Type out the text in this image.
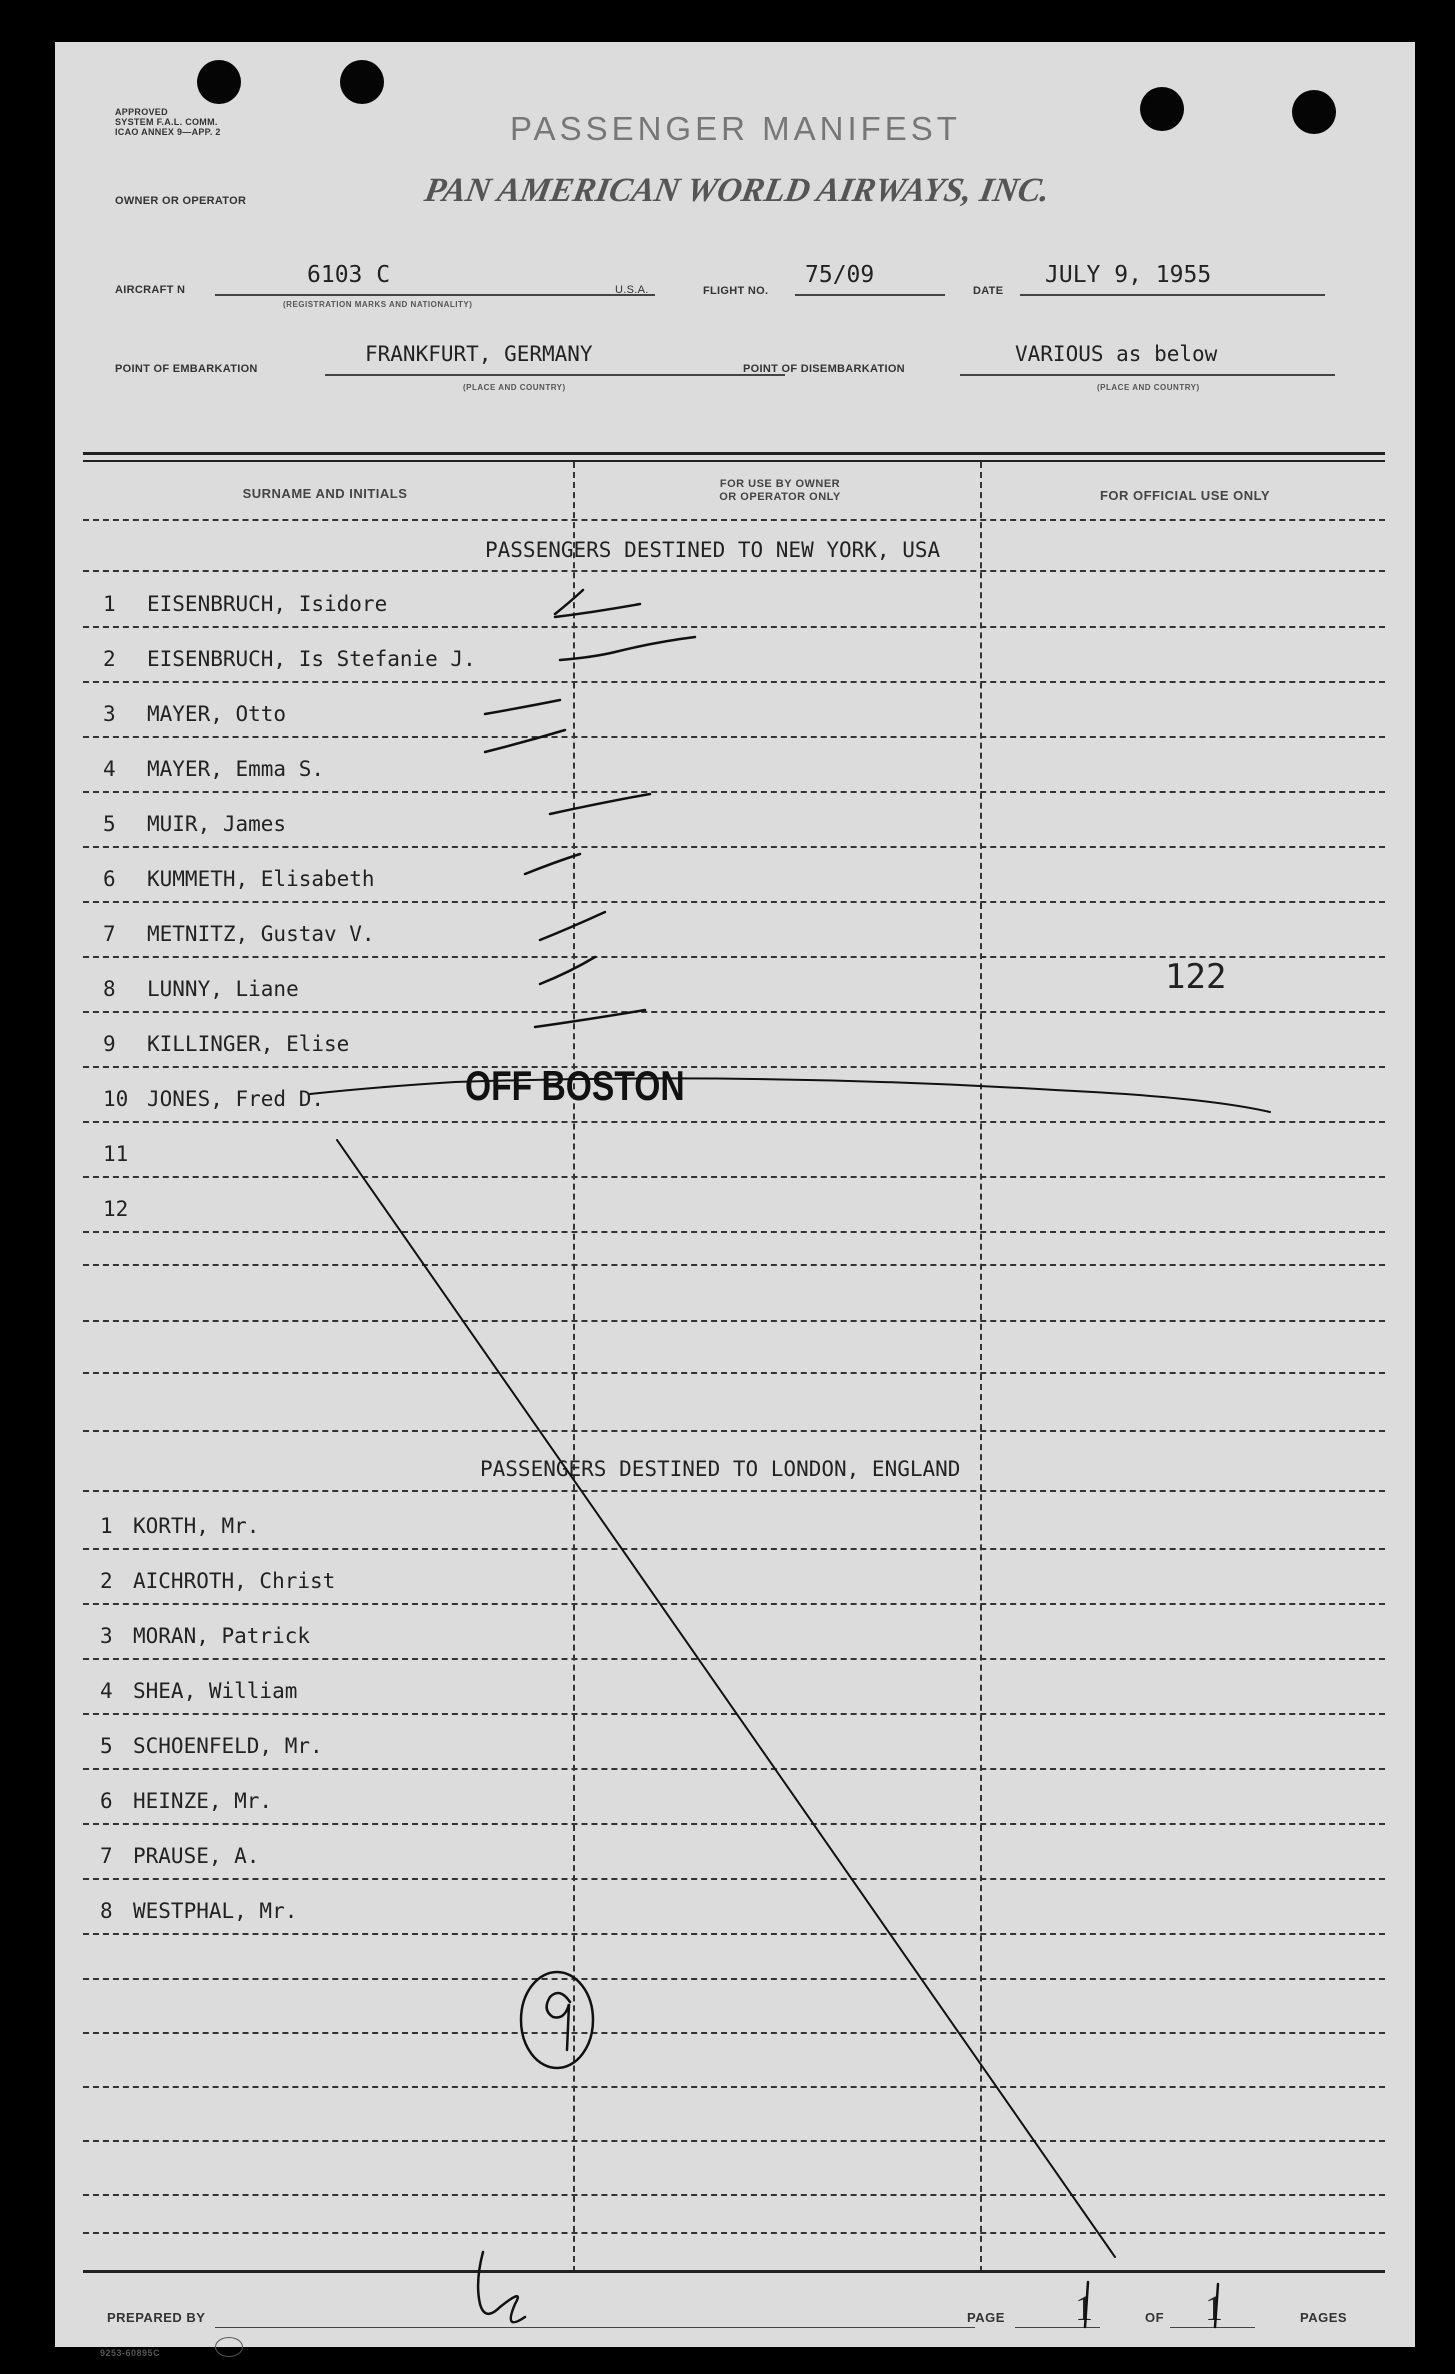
APPROVED
SYSTEM F.A.L. COMM.
ICAO ANNEX 9—APP. 2	PASSENGER MANIFEST
OWNER OR OPERATOR	PAN AMERICAN WORLD AIRWAYS, INC.
AIRCRAFT N
6103 C
(REGISTRATION MARKS AND NATIONALITY)
U.S.A.	FLIGHT NO.
75/09
DATE
JULY 9, 1955
POINT OF EMBARKATION
FRANKFURT, GERMANY
(PLACE AND COUNTRY)
POINT OF DISEMBARKATION
VARIOUS as below
(PLACE AND COUNTRY)
SURNAME AND INITIALS
FOR USE BY OWNER
OR OPERATOR ONLY	FOR OFFICIAL USE ONLY
PASSENGERS DESTINED TO NEW YORK, USA
1 EISENBRUCH, Isidore
2 EISENBRUCH, Is Stefanie J.
3 MAYER, Otto
4 MAYER, Emma S.
5 MUIR, James
6 KUMMETH, Elisabeth
7 METNITZ, Gustav V.
8 LUNNY, Liane
9 KILLINGER, Elise
10 JONES, Fred D.
11
12
122
OFF BOSTON
PASSENGERS DESTINED TO LONDON, ENGLAND
1 KORTH, Mr.
2 AICHROTH, Christ
3 MORAN, Patrick
4 SHEA, William
5 SCHOENFELD, Mr.
6 HEINZE, Mr.
7 PRAUSE, A.
8 WESTPHAL, Mr.
PREPARED BY	PAGE 1	OF 1	PAGES
9253-60895C
